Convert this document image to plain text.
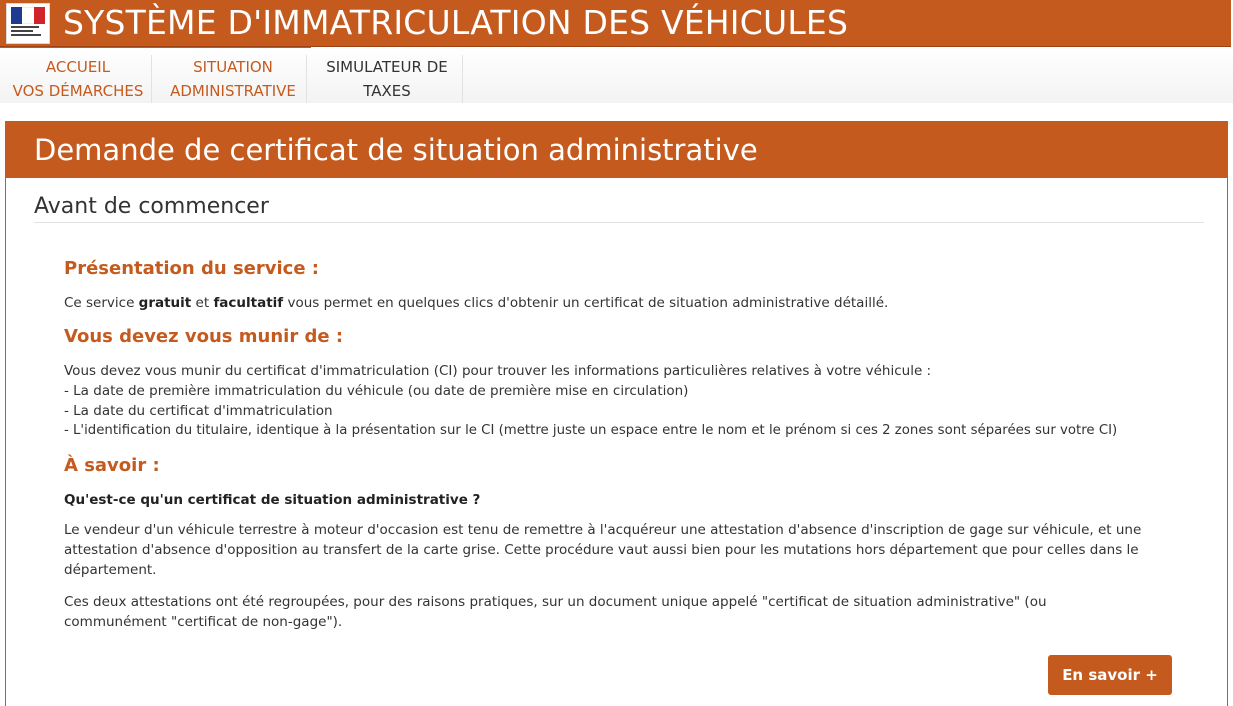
SYSTÈME D'IMMATRICULATION DES VÉHICULES
ACCUEIL
VOS DÉMARCHES
SITUATION
ADMINISTRATIVE
SIMULATEUR DE
TAXES
Demande de certificat de situation administrative
Avant de commencer
Présentation du service :
Ce service gratuit et facultatif vous permet en quelques clics d'obtenir un certificat de situation administrative détaillé.
Vous devez vous munir de :
Vous devez vous munir du certificat d'immatriculation (CI) pour trouver les informations particulières relatives à votre véhicule :
- La date de première immatriculation du véhicule (ou date de première mise en circulation)
- La date du certificat d'immatriculation
- L'identification du titulaire, identique à la présentation sur le CI (mettre juste un espace entre le nom et le prénom si ces 2 zones sont séparées sur votre CI)
À savoir :
Qu'est-ce qu'un certificat de situation administrative ?
Le vendeur d'un véhicule terrestre à moteur d'occasion est tenu de remettre à l'acquéreur une attestation d'absence d'inscription de gage sur véhicule, et une attestation d'absence d'opposition au transfert de la carte grise. Cette procédure vaut aussi bien pour les mutations hors département que pour celles dans le département.
Ces deux attestations ont été regroupées, pour des raisons pratiques, sur un document unique appelé "certificat de situation administrative" (ou communément "certificat de non-gage").
En savoir +
